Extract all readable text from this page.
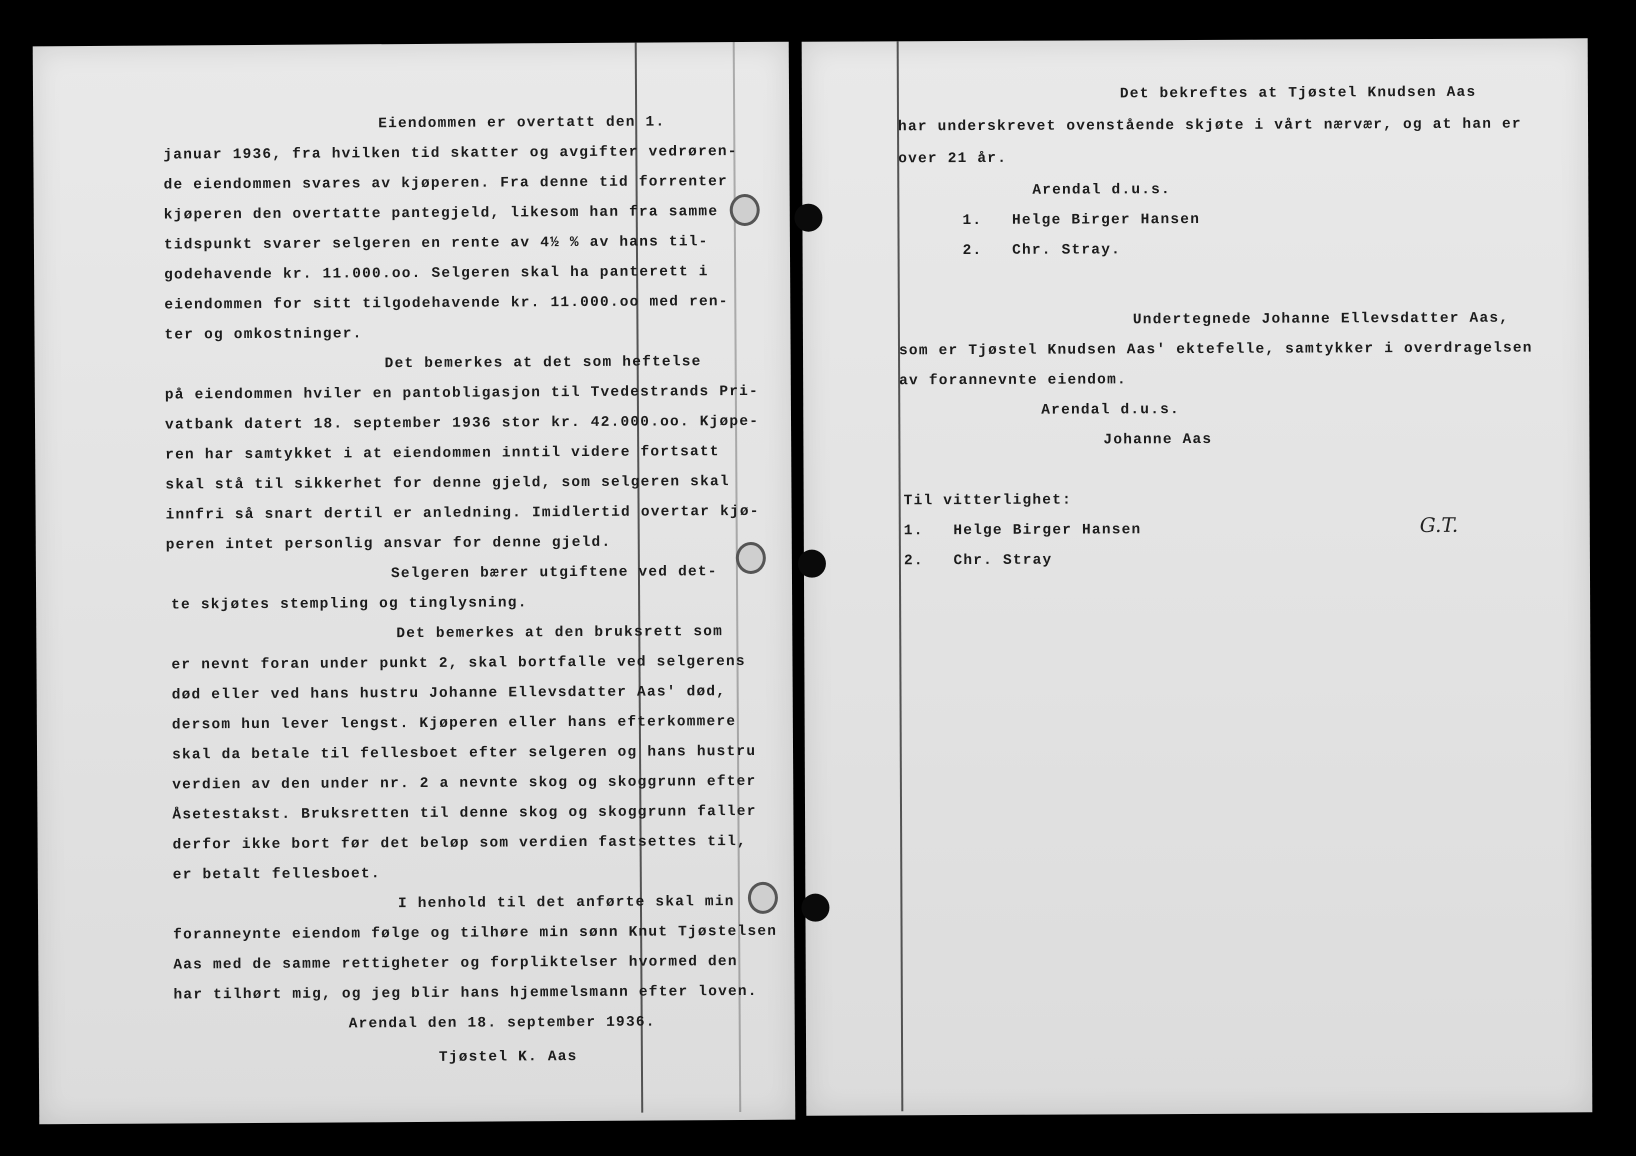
Eiendommen er overtatt den 1.
januar 1936, fra hvilken tid skatter og avgifter vedrøren-
de eiendommen svares av kjøperen. Fra denne tid forrenter
kjøperen den overtatte pantegjeld, likesom han fra samme
tidspunkt svarer selgeren en rente av 4½ % av hans til-
godehavende kr. 11.000.oo. Selgeren skal ha panterett i
eiendommen for sitt tilgodehavende kr. 11.000.oo med ren-
ter og omkostninger.
Det bemerkes at det som heftelse
på eiendommen hviler en pantobligasjon til Tvedestrands Pri-
vatbank datert 18. september 1936 stor kr. 42.000.oo. Kjøpe-
ren har samtykket i at eiendommen inntil videre fortsatt
skal stå til sikkerhet for denne gjeld, som selgeren skal
innfri så snart dertil er anledning. Imidlertid overtar kjø-
peren intet personlig ansvar for denne gjeld.
Selgeren bærer utgiftene ved det-
te skjøtes stempling og tinglysning.
Det bemerkes at den bruksrett som
er nevnt foran under punkt 2, skal bortfalle ved selgerens
død eller ved hans hustru Johanne Ellevsdatter Aas' død,
dersom hun lever lengst. Kjøperen eller hans efterkommere
skal da betale til fellesboet efter selgeren og hans hustru
verdien av den under nr. 2 a nevnte skog og skoggrunn efter
Åsetestakst. Bruksretten til denne skog og skoggrunn faller
derfor ikke bort før det beløp som verdien fastsettes til,
er betalt fellesboet.
I henhold til det anførte skal min
foranneynte eiendom følge og tilhøre min sønn Knut Tjøstelsen
Aas med de samme rettigheter og forpliktelser hvormed den
har tilhørt mig, og jeg blir hans hjemmelsmann efter loven.
Arendal den 18. september 1936.
Tjøstel K. Aas
Det bekreftes at Tjøstel Knudsen Aas
har underskrevet ovenstående skjøte i vårt nærvær, og at han er
over 21 år.
Arendal d.u.s.
1.   Helge Birger Hansen
2.   Chr. Stray.
Undertegnede Johanne Ellevsdatter Aas,
som er Tjøstel Knudsen Aas' ektefelle, samtykker i overdragelsen
av forannevnte eiendom.
Arendal d.u.s.
Johanne Aas
Til vitterlighet:
1.   Helge Birger Hansen
2.   Chr. Stray
G.T.
